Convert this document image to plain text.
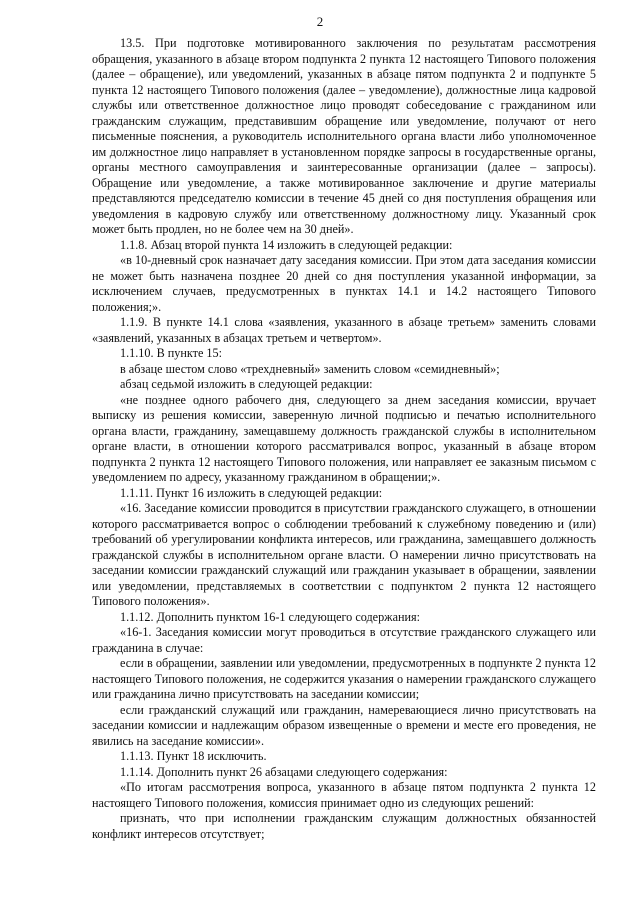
2

13.5. При подготовке мотивированного заключения по результатам рассмотрения обращения, указанного в абзаце втором подпункта 2 пункта 12 настоящего Типового положения (далее – обращение), или уведомлений, указанных в абзаце пятом подпункта 2 и подпункте 5 пункта 12 настоящего Типового положения (далее – уведомление), должностные лица кадровой службы или ответственное должностное лицо проводят собеседование с гражданином или гражданским служащим, представившим обращение или уведомление, получают от него письменные пояснения, а руководитель исполнительного органа власти либо уполномоченное им должностное лицо направляет в установленном порядке запросы в государственные органы, органы местного самоуправления и заинтересованные организации (далее – запросы). Обращение или уведомление, а также мотивированное заключение и другие материалы представляются председателю комиссии в течение 45 дней со дня поступления обращения или уведомления в кадровую службу или ответственному должностному лицу. Указанный срок может быть продлен, но не более чем на 30 дней».

1.1.8. Абзац второй пункта 14 изложить в следующей редакции:

«в 10-дневный срок назначает дату заседания комиссии. При этом дата заседания комиссии не может быть назначена позднее 20 дней со дня поступления указанной информации, за исключением случаев, предусмотренных в пунктах 14.1 и 14.2 настоящего Типового положения;».

1.1.9. В пункте 14.1 слова «заявления, указанного в абзаце третьем» заменить словами «заявлений, указанных в абзацах третьем и четвертом».

1.1.10. В пункте 15:

в абзаце шестом слово «трехдневный» заменить словом «семидневный»;

абзац седьмой изложить в следующей редакции:

«не позднее одного рабочего дня, следующего за днем заседания комиссии, вручает выписку из решения комиссии, заверенную личной подписью и печатью исполнительного органа власти, гражданину, замещавшему должность гражданской службы в исполнительном органе власти, в отношении которого рассматривался вопрос, указанный в абзаце втором подпункта 2 пункта 12 настоящего Типового положения, или направляет ее заказным письмом с уведомлением по адресу, указанному гражданином в обращении;».

1.1.11. Пункт 16 изложить в следующей редакции:

«16. Заседание комиссии проводится в присутствии гражданского служащего, в отношении которого рассматривается вопрос о соблюдении требований к служебному поведению и (или) требований об урегулировании конфликта интересов, или гражданина, замещавшего должность гражданской службы в исполнительном органе власти. О намерении лично присутствовать на заседании комиссии гражданский служащий или гражданин указывает в обращении, заявлении или уведомлении, представляемых в соответствии с подпунктом 2 пункта 12 настоящего Типового положения».

1.1.12. Дополнить пунктом 16-1 следующего содержания:

«16-1. Заседания комиссии могут проводиться в отсутствие гражданского служащего или гражданина в случае:

если в обращении, заявлении или уведомлении, предусмотренных в подпункте 2 пункта 12 настоящего Типового положения, не содержится указания о намерении гражданского служащего или гражданина лично присутствовать на заседании комиссии;

если гражданский служащий или гражданин, намеревающиеся лично присутствовать на заседании комиссии и надлежащим образом извещенные о времени и месте его проведения, не явились на заседание комиссии».

1.1.13. Пункт 18 исключить.

1.1.14. Дополнить пункт 26 абзацами следующего содержания:

«По итогам рассмотрения вопроса, указанного в абзаце пятом подпункта 2 пункта 12 настоящего Типового положения, комиссия принимает одно из следующих решений:

признать, что при исполнении гражданским служащим должностных обязанностей конфликт интересов отсутствует;
